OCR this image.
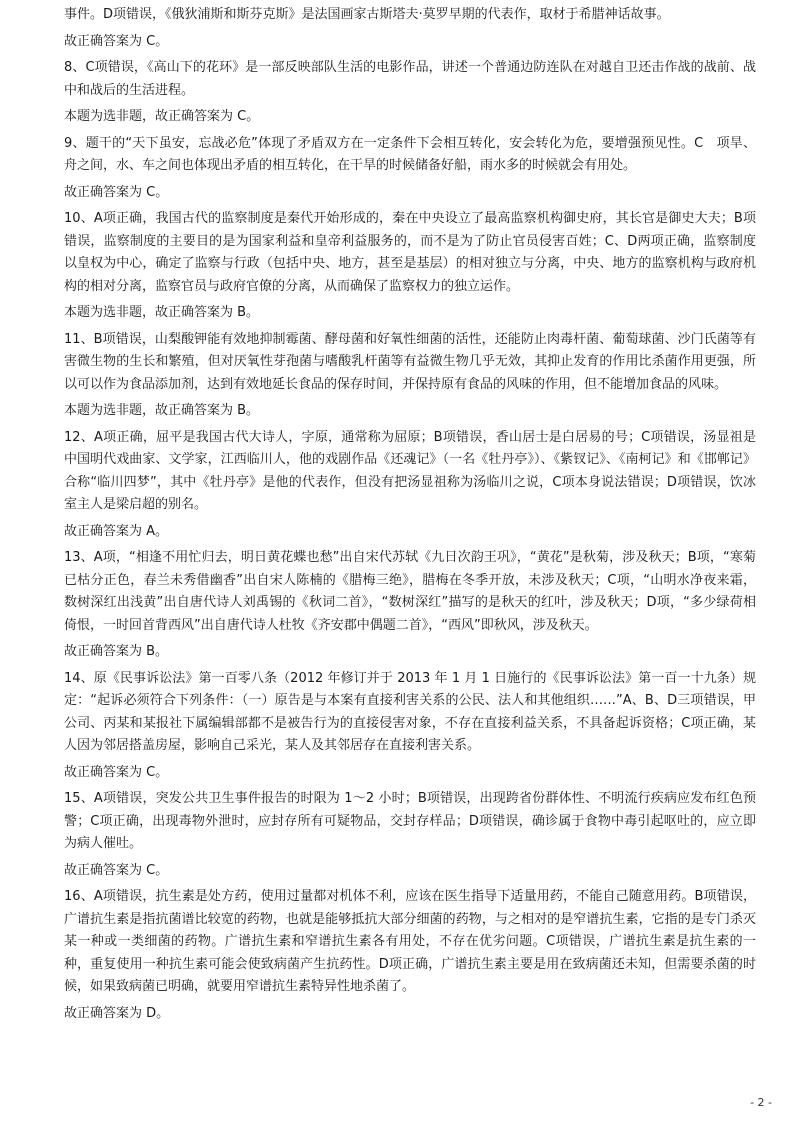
事件。D项错误，《俄狄浦斯和斯芬克斯》是法国画家古斯塔夫·莫罗早期的代表作，取材于希腊神话故事。

故正确答案为 C。

8、C项错误，《高山下的花环》是一部反映部队生活的电影作品，讲述一个普通边防连队在对越自卫还击作战的战前、战中和战后的生活进程。

本题为选非题，故正确答案为 C。

9、题干的“天下虽安，忘战必危”体现了矛盾双方在一定条件下会相互转化，安会转化为危，要增强预见性。C　项旱、舟之间，水、车之间也体现出矛盾的相互转化，在干旱的时候储备好船，雨水多的时候就会有用处。

故正确答案为 C。

10、A项正确，我国古代的监察制度是秦代开始形成的，秦在中央设立了最高监察机构御史府，其长官是御史大夫；B项错误，监察制度的主要目的是为国家利益和皇帝利益服务的，而不是为了防止官员侵害百姓；C、D两项正确，监察制度以皇权为中心，确定了监察与行政（包括中央、地方，甚至是基层）的相对独立与分离，中央、地方的监察机构与政府机构的相对分离，监察官员与政府官僚的分离，从而确保了监察权力的独立运作。

本题为选非题，故正确答案为 B。

11、B项错误，山梨酸钾能有效地抑制霉菌、酵母菌和好氧性细菌的活性，还能防止肉毒杆菌、葡萄球菌、沙门氏菌等有害微生物的生长和繁殖，但对厌氧性芽孢菌与嗜酸乳杆菌等有益微生物几乎无效，其抑止发育的作用比杀菌作用更强，所以可以作为食品添加剂，达到有效地延长食品的保存时间，并保持原有食品的风味的作用，但不能增加食品的风味。

本题为选非题，故正确答案为 B。

12、A项正确，屈平是我国古代大诗人，字原，通常称为屈原；B项错误，香山居士是白居易的号；C项错误，汤显祖是中国明代戏曲家、文学家，江西临川人，他的戏剧作品《还魂记》（一名《牡丹亭》）、《紫钗记》、《南柯记》和《邯郸记》合称“临川四梦”，其中《牡丹亭》是他的代表作，但没有把汤显祖称为汤临川之说，C项本身说法错误；D项错误，饮冰室主人是梁启超的别名。

故正确答案为 A。

13、A项，“相逢不用忙归去，明日黄花蝶也愁”出自宋代苏轼《九日次韵王巩》，“黄花”是秋菊，涉及秋天；B项，“寒菊已枯分正色，春兰未秀借幽香”出自宋人陈楠的《腊梅三绝》，腊梅在冬季开放，未涉及秋天；C项，“山明水净夜来霜，数树深红出浅黄”出自唐代诗人刘禹锡的《秋词二首》，“数树深红”描写的是秋天的红叶，涉及秋天；D项，“多少绿荷相倚恨，一时回首背西风”出自唐代诗人杜牧《齐安郡中偶题二首》，“西风”即秋风，涉及秋天。

故正确答案为 B。

14、原《民事诉讼法》第一百零八条（2012 年修订并于 2013 年 1 月 1 日施行的《民事诉讼法》第一百一十九条）规定：“起诉必须符合下列条件：（一）原告是与本案有直接利害关系的公民、法人和其他组织……”A、B、D三项错误，甲公司、丙某和某报社下属编辑部都不是被告行为的直接侵害对象，不存在直接利益关系，不具备起诉资格；C项正确，某人因为邻居搭盖房屋，影响自己采光，某人及其邻居存在直接利害关系。

故正确答案为 C。

15、A项错误，突发公共卫生事件报告的时限为 1～2 小时；B项错误，出现跨省份群体性、不明流行疾病应发布红色预警；C项正确，出现毒物外泄时，应封存所有可疑物品，交封存样品；D项错误，确诊属于食物中毒引起呕吐的，应立即为病人催吐。

故正确答案为 C。

16、A项错误，抗生素是处方药，使用过量都对机体不利，应该在医生指导下适量用药，不能自己随意用药。B项错误，广谱抗生素是指抗菌谱比较宽的药物，也就是能够抵抗大部分细菌的药物，与之相对的是窄谱抗生素，它指的是专门杀灭某一种或一类细菌的药物。广谱抗生素和窄谱抗生素各有用处，不存在优劣问题。C项错误，广谱抗生素是抗生素的一种，重复使用一种抗生素可能会使致病菌产生抗药性。D项正确，广谱抗生素主要是用在致病菌还未知，但需要杀菌的时候，如果致病菌已明确，就要用窄谱抗生素特异性地杀菌了。

故正确答案为 D。

- 2 -
